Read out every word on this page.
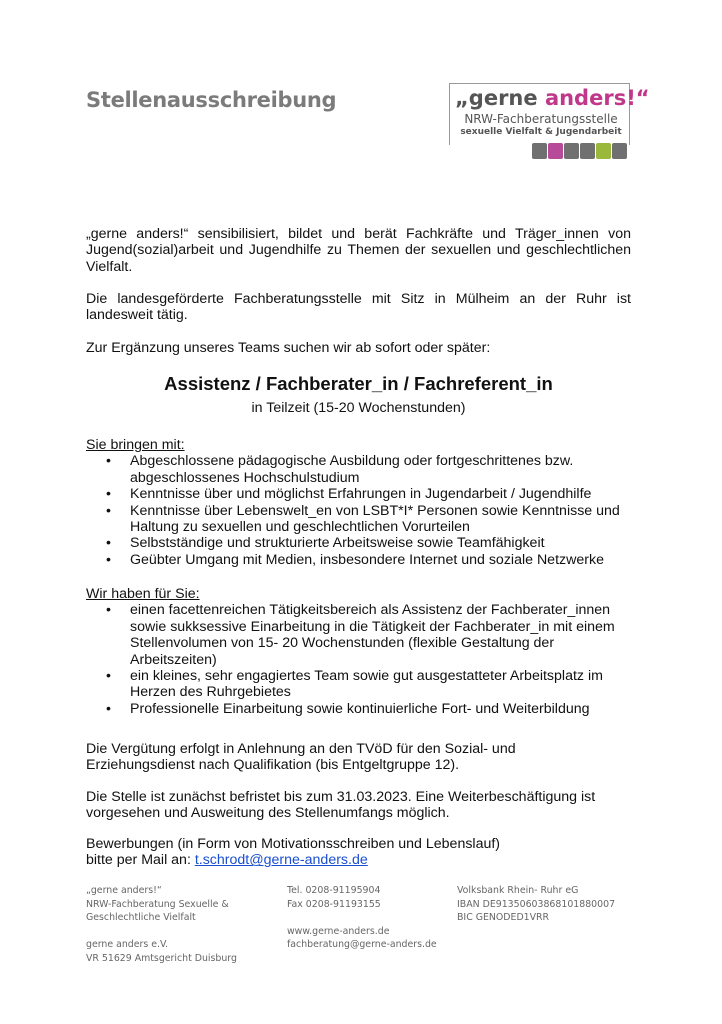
Stellenausschreibung	„gerne anders!“
NRW-Fachberatungsstelle
sexuelle Vielfalt & Jugendarbeit
„gerne anders!“ sensibilisiert, bildet und berät Fachkräfte und Träger_innen von Jugend(sozial)arbeit und Jugendhilfe zu Themen der sexuellen und geschlechtlichen Vielfalt.
Die landesgeförderte Fachberatungsstelle mit Sitz in Mülheim an der Ruhr ist landesweit tätig.
Zur Ergänzung unseres Teams suchen wir ab sofort oder später:
Assistenz / Fachberater_in / Fachreferent_in
in Teilzeit (15-20 Wochenstunden)
Sie bringen mit:
• Abgeschlossene pädagogische Ausbildung oder fortgeschrittenes bzw. abgeschlossenes Hochschulstudium
• Kenntnisse über und möglichst Erfahrungen in Jugendarbeit / Jugendhilfe
• Kenntnisse über Lebenswelt_en von LSBT*I* Personen sowie Kenntnisse und Haltung zu sexuellen und geschlechtlichen Vorurteilen
• Selbstständige und strukturierte Arbeitsweise sowie Teamfähigkeit
• Geübter Umgang mit Medien, insbesondere Internet und soziale Netzwerke
Wir haben für Sie:
• einen facettenreichen Tätigkeitsbereich als Assistenz der Fachberater_innen sowie sukksessive Einarbeitung in die Tätigkeit der Fachberater_in mit einem Stellenvolumen von 15- 20 Wochenstunden (flexible Gestaltung der Arbeitszeiten)
• ein kleines, sehr engagiertes Team sowie gut ausgestatteter Arbeitsplatz im Herzen des Ruhrgebietes
• Professionelle Einarbeitung sowie kontinuierliche Fort- und Weiterbildung
Die Vergütung erfolgt in Anlehnung an den TVöD für den Sozial- und Erziehungsdienst nach Qualifikation (bis Entgeltgruppe 12).
Die Stelle ist zunächst befristet bis zum 31.03.2023. Eine Weiterbeschäftigung ist vorgesehen und Ausweitung des Stellenumfangs möglich.
Bewerbungen (in Form von Motivationsschreiben und Lebenslauf)
bitte per Mail an: t.schrodt@gerne-anders.de
„gerne anders!“
NRW-Fachberatung Sexuelle &
Geschlechtliche Vielfalt

gerne anders e.V.
VR 51629 Amtsgericht Duisburg
Tel. 0208-91195904
Fax 0208-91193155

www.gerne-anders.de
fachberatung@gerne-anders.de
Volksbank Rhein- Ruhr eG
IBAN DE91350603868101880007
BIC GENODED1VRR
